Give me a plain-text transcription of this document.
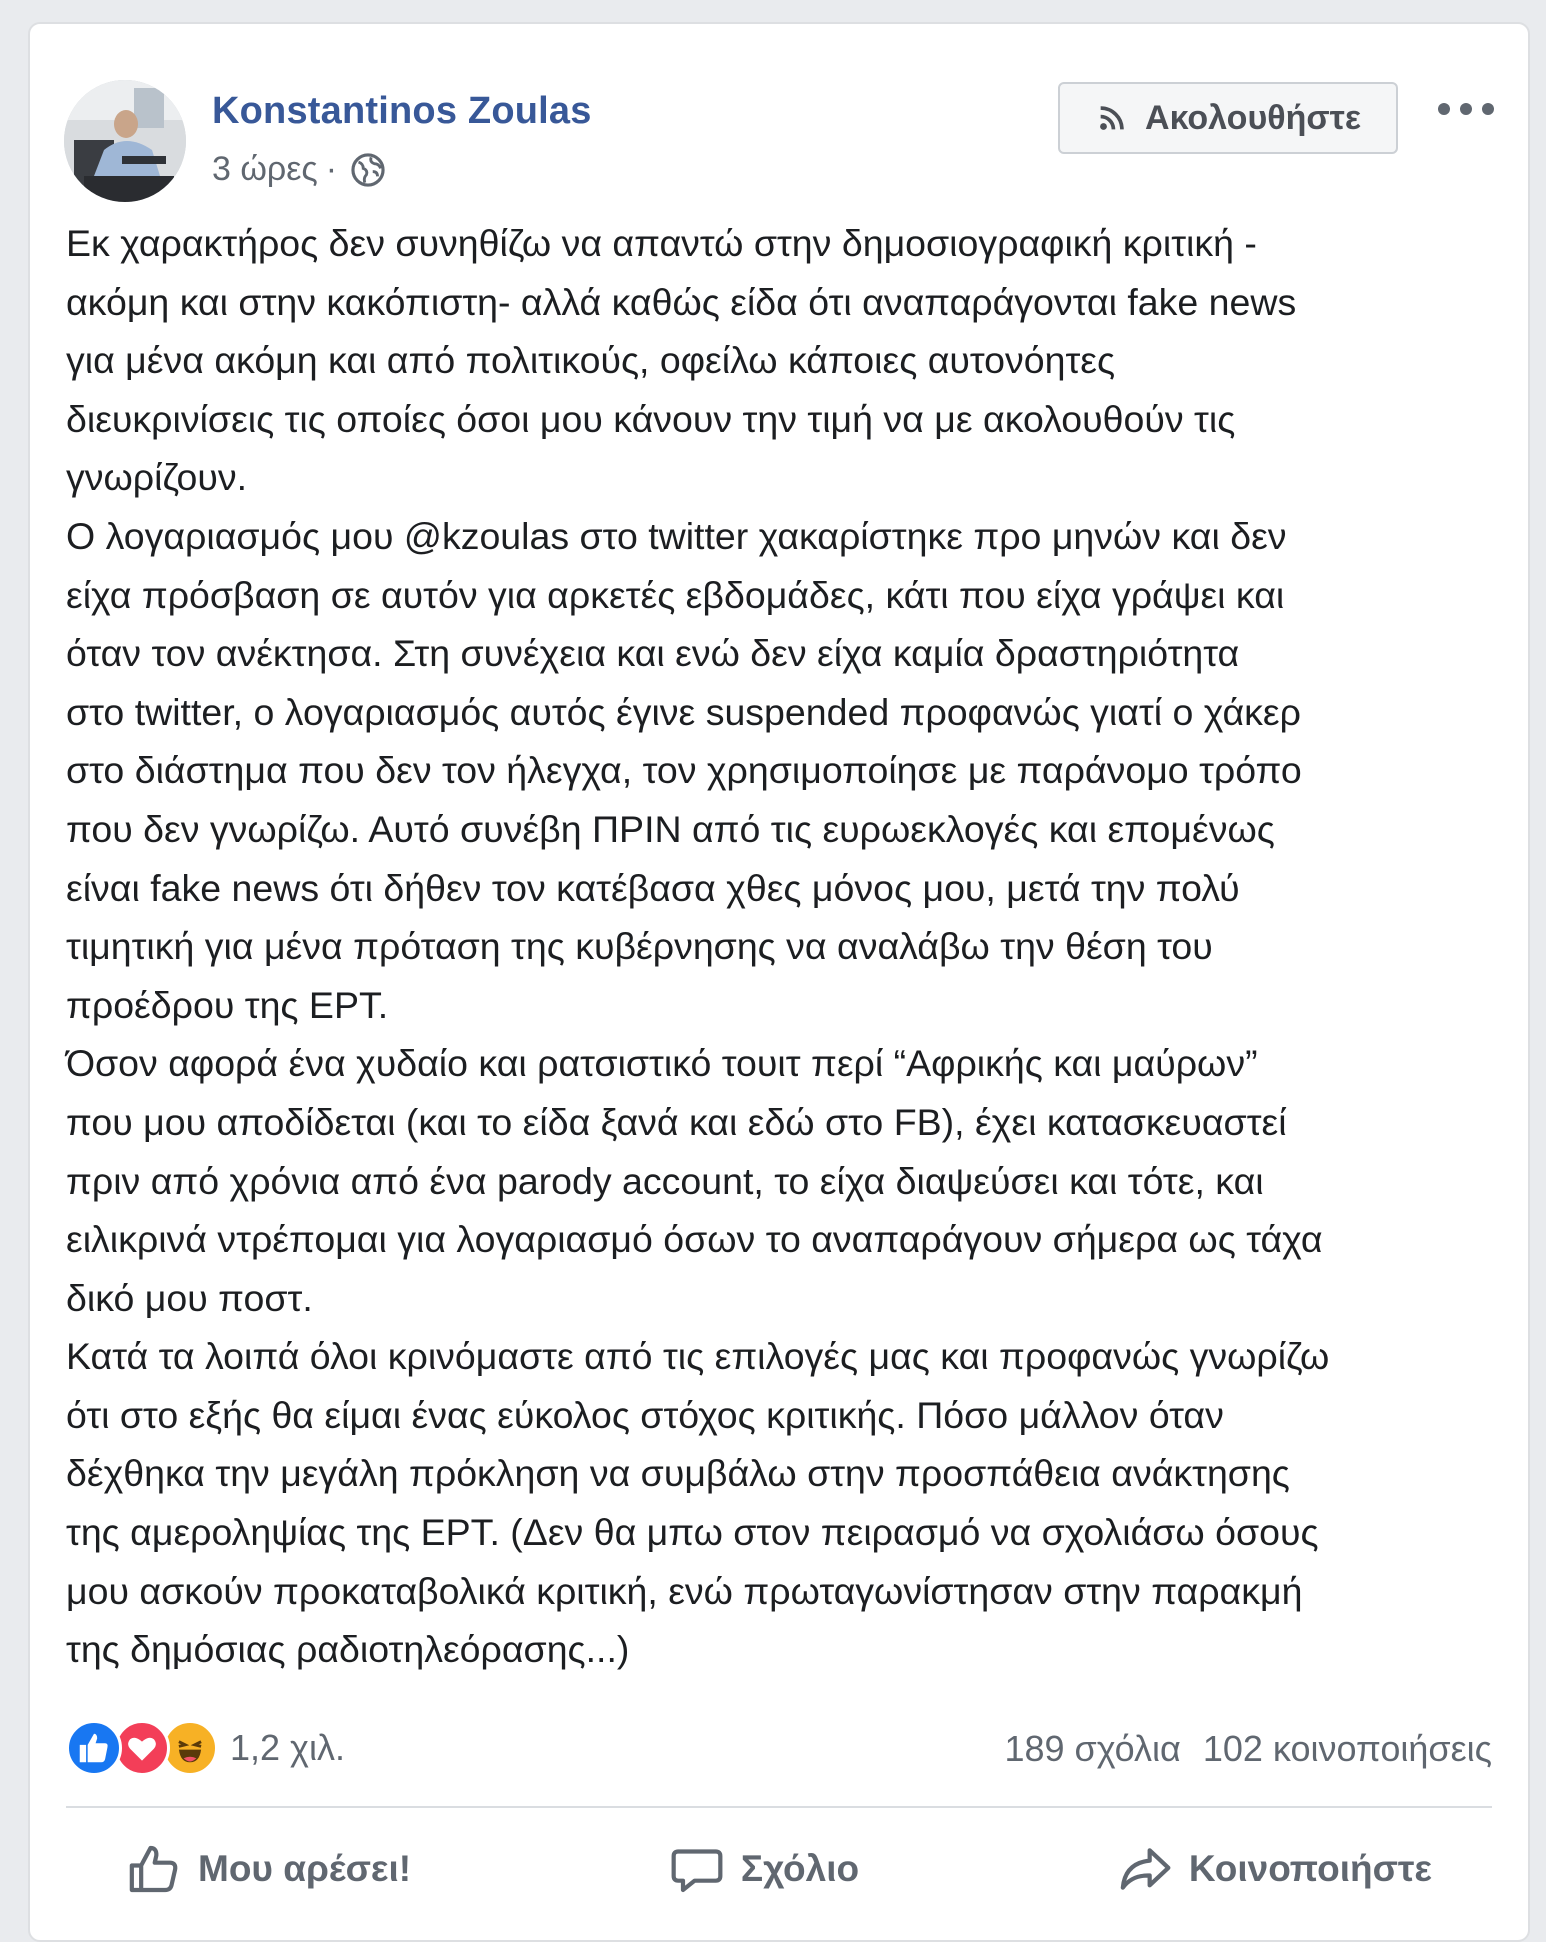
Konstantinos Zoulas
3 ώρες ·
Ακολουθήστε

Εκ χαρακτήρος δεν συνηθίζω να απαντώ στην δημοσιογραφική κριτική -

ακόμη και στην κακόπιστη- αλλά καθώς είδα ότι αναπαράγονται fake news

για μένα ακόμη και από πολιτικούς, οφείλω κάποιες αυτονόητες

διευκρινίσεις τις οποίες όσοι μου κάνουν την τιμή να με ακολουθούν τις

γνωρίζουν.

Ο λογαριασμός μου @kzoulas στο twitter χακαρίστηκε προ μηνών και δεν

είχα πρόσβαση σε αυτόν για αρκετές εβδομάδες, κάτι που είχα γράψει και

όταν τον ανέκτησα. Στη συνέχεια και ενώ δεν είχα καμία δραστηριότητα

στο twitter, ο λογαριασμός αυτός έγινε suspended προφανώς γιατί ο χάκερ

στο διάστημα που δεν τον ήλεγχα, τον χρησιμοποίησε με παράνομο τρόπο

που δεν γνωρίζω. Αυτό συνέβη ΠΡΙΝ από τις ευρωεκλογές και επομένως

είναι fake news ότι δήθεν τον κατέβασα χθες μόνος μου, μετά την πολύ

τιμητική για μένα πρόταση της κυβέρνησης να αναλάβω την θέση του

προέδρου της ΕΡΤ.

Όσον αφορά ένα χυδαίο και ρατσιστικό τουιτ περί “Αφρικής και μαύρων”

που μου αποδίδεται (και το είδα ξανά και εδώ στο FB), έχει κατασκευαστεί

πριν από χρόνια από ένα parody account, το είχα διαψεύσει και τότε, και

ειλικρινά ντρέπομαι για λογαριασμό όσων το αναπαράγουν σήμερα ως τάχα

δικό μου ποστ.

Κατά τα λοιπά όλοι κρινόμαστε από τις επιλογές μας και προφανώς γνωρίζω

ότι στο εξής θα είμαι ένας εύκολος στόχος κριτικής. Πόσο μάλλον όταν

δέχθηκα την μεγάλη πρόκληση να συμβάλω στην προσπάθεια ανάκτησης

της αμεροληψίας της ΕΡΤ. (Δεν θα μπω στον πειρασμό να σχολιάσω όσους

μου ασκούν προκαταβολικά κριτική, ενώ πρωταγωνίστησαν στην παρακμή

της δημόσιας ραδιοτηλεόρασης...)

1,2 χιλ.	189 σχόλια 102 κοινοποιήσεις
Μου αρέσει!	Σχόλιο	Κοινοποιήστε
